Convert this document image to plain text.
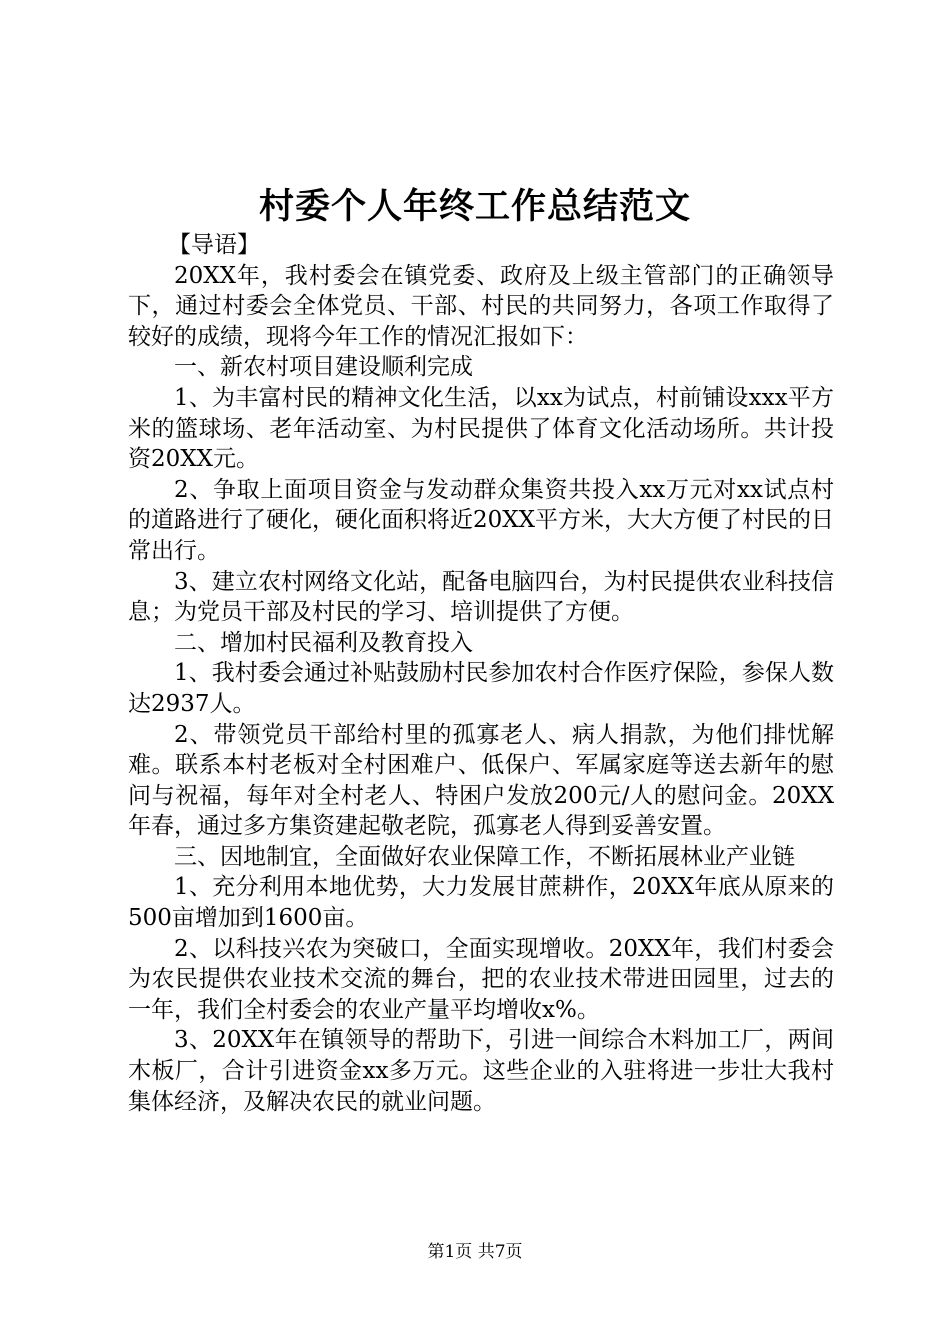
村委个人年终工作总结范文

【导语】

20XX年，我村委会在镇党委、政府及上级主管部门的正确领导下，通过村委会全体党员、干部、村民的共同努力，各项工作取得了较好的成绩，现将今年工作的情况汇报如下：

一、新农村项目建设顺利完成

1、为丰富村民的精神文化生活，以xx为试点，村前铺设xxx平方米的篮球场、老年活动室、为村民提供了体育文化活动场所。共计投资20XX元。

2、争取上面项目资金与发动群众集资共投入xx万元对xx试点村的道路进行了硬化，硬化面积将近20XX平方米，大大方便了村民的日常出行。

3、建立农村网络文化站，配备电脑四台，为村民提供农业科技信息；为党员干部及村民的学习、培训提供了方便。

二、增加村民福利及教育投入

1、我村委会通过补贴鼓励村民参加农村合作医疗保险，参保人数达2937人。

2、带领党员干部给村里的孤寡老人、病人捐款，为他们排忧解难。联系本村老板对全村困难户、低保户、军属家庭等送去新年的慰问与祝福，每年对全村老人、特困户发放200元/人的慰问金。20XX年春，通过多方集资建起敬老院，孤寡老人得到妥善安置。

三、因地制宜，全面做好农业保障工作，不断拓展林业产业链

1、充分利用本地优势，大力发展甘蔗耕作，20XX年底从原来的500亩增加到1600亩。

2、以科技兴农为突破口，全面实现增收。20XX年，我们村委会为农民提供农业技术交流的舞台，把的农业技术带进田园里，过去的一年，我们全村委会的农业产量平均增收x%。

3、20XX年在镇领导的帮助下，引进一间综合木料加工厂，两间木板厂，合计引进资金xx多万元。这些企业的入驻将进一步壮大我村集体经济，及解决农民的就业问题。

第1页 共7页
